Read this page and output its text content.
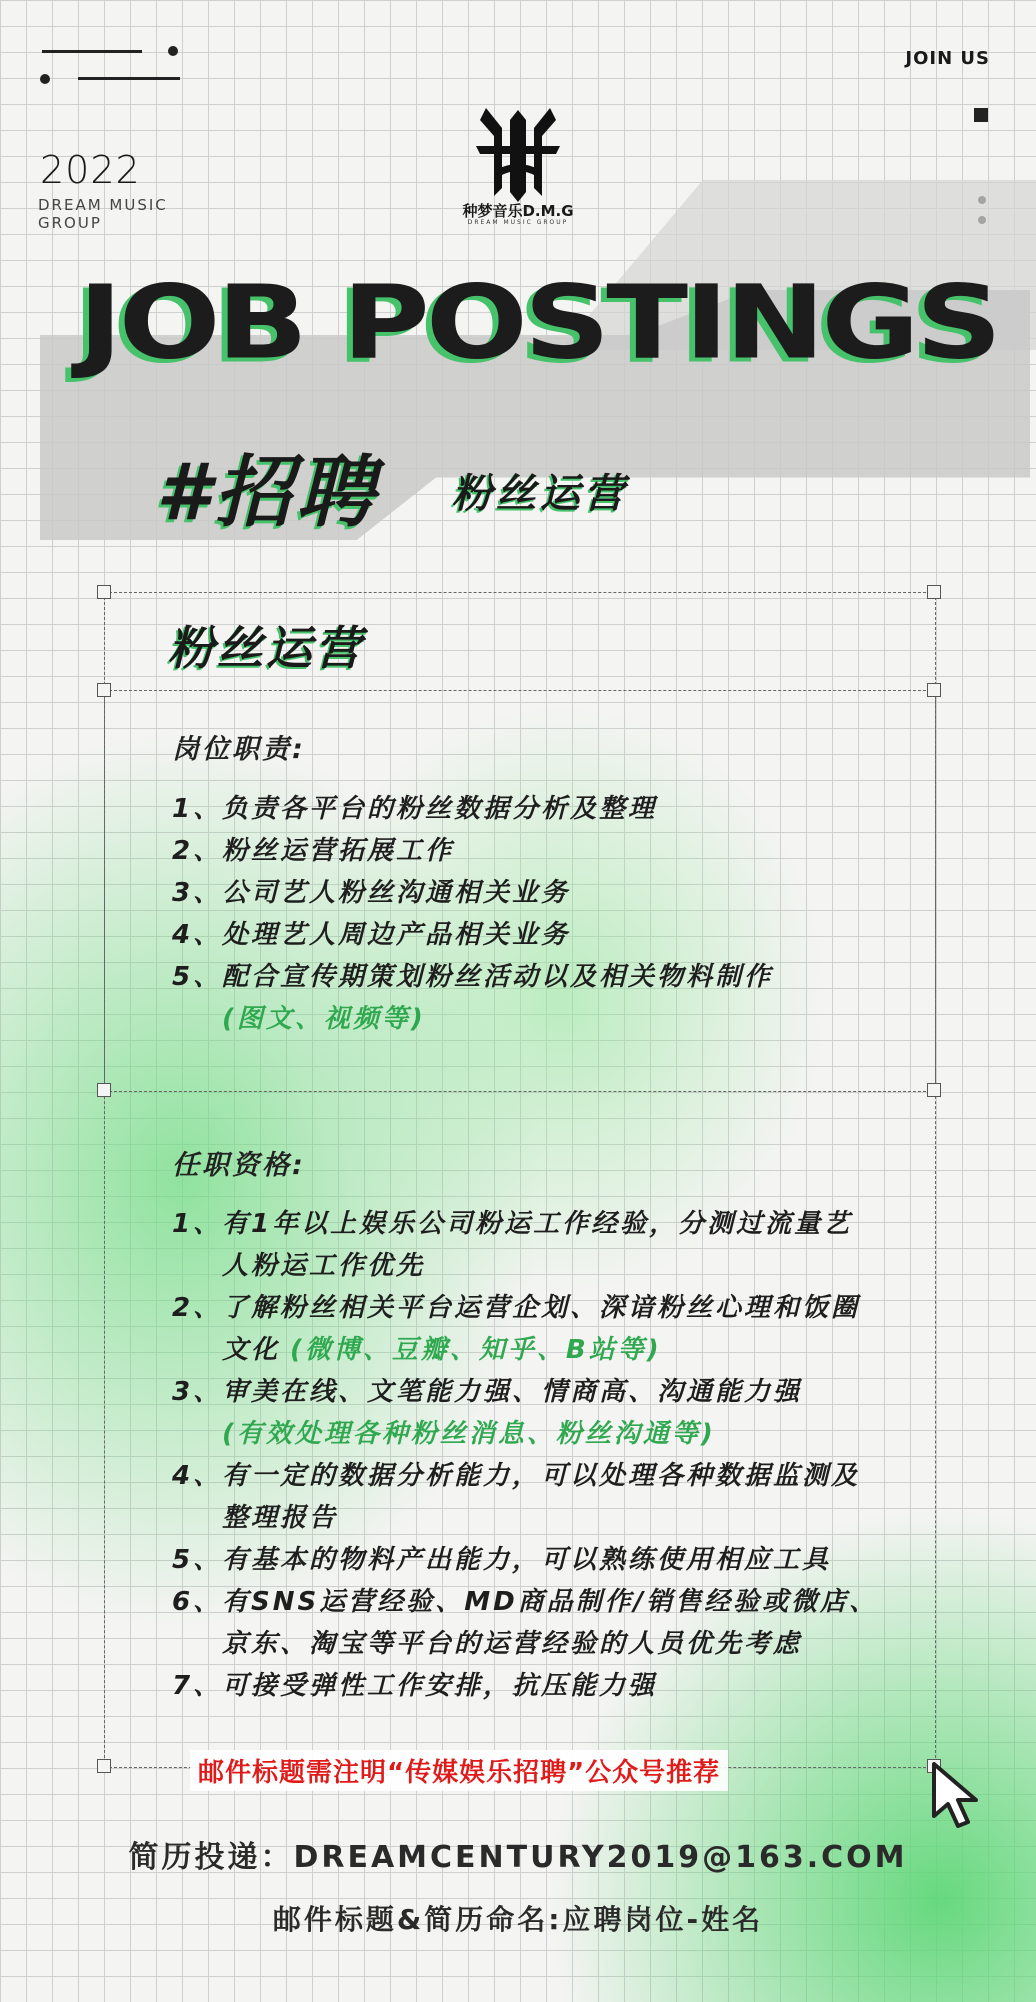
2022
DREAM MUSIC GROUP
JOIN US
种梦音乐D.M.G
DREAM MUSIC GROUP
JOB POSTINGS
#招聘 粉丝运营
粉丝运营
岗位职责:
1、负责各平台的粉丝数据分析及整理
2、粉丝运营拓展工作
3、公司艺人粉丝沟通相关业务
4、处理艺人周边产品相关业务
5、配合宣传期策划粉丝活动以及相关物料制作
(图文、视频等)
任职资格:
1、有1年以上娱乐公司粉运工作经验，分测过流量艺
人粉运工作优先
2、了解粉丝相关平台运营企划、深谙粉丝心理和饭圈
文化 (微博、豆瓣、知乎、B站等)
3、审美在线、文笔能力强、情商高、沟通能力强
(有效处理各种粉丝消息、粉丝沟通等)
4、有一定的数据分析能力，可以处理各种数据监测及
整理报告
5、有基本的物料产出能力，可以熟练使用相应工具
6、有SNS运营经验、MD商品制作/销售经验或微店、
京东、淘宝等平台的运营经验的人员优先考虑
7、可接受弹性工作安排，抗压能力强
邮件标题需注明“传媒娱乐招聘”公众号推荐
简历投递：DREAMCENTURY2019@163.COM
邮件标题&简历命名:应聘岗位-姓名
